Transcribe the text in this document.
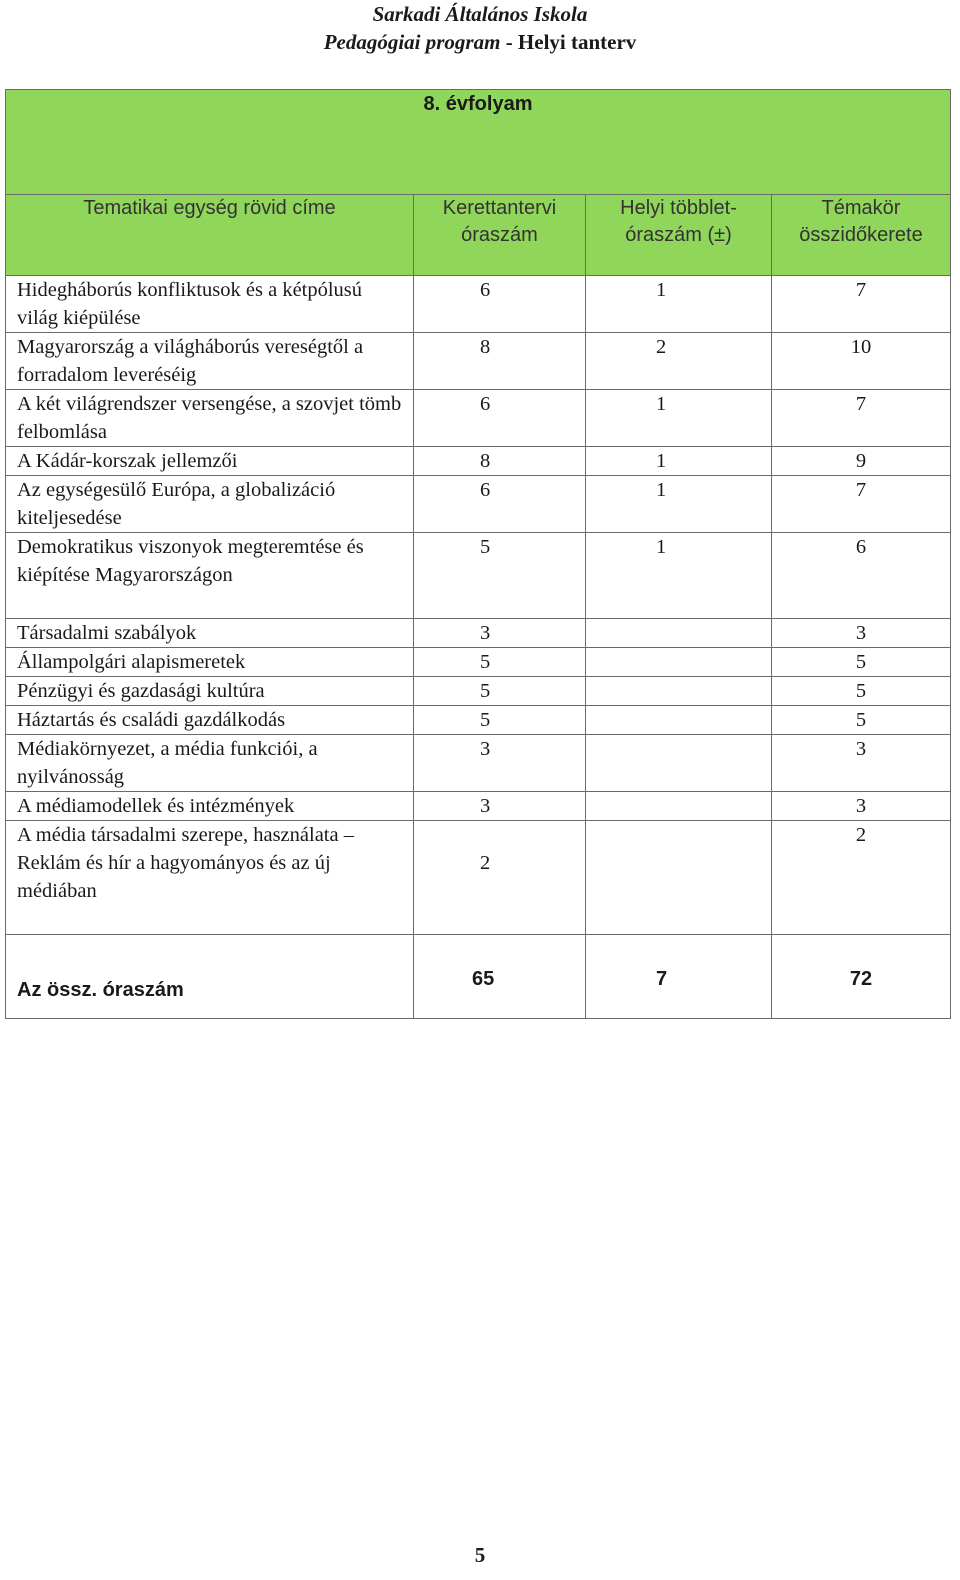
Sarkadi Általános Iskola
Pedagógiai program - Helyi tanterv
8. évfolyam			
Tematikai egység rövid címe	Kerettantervi óraszám	Helyi többlet-óraszám (±)	Témakör összidőkerete
Hidegháborús konfliktusok és a kétpólusú világ kiépülése	6	1	7
Magyarország a világháborús vereségtől a forradalom leveréséig	8	2	10
A két világrendszer versengése, a szovjet tömb felbomlása	6	1	7
A Kádár-korszak jellemzői	8	1	9
Az egységesülő Európa, a globalizáció kiteljesedése	6	1	7
Demokratikus viszonyok megteremtése és kiépítése Magyarországon	5	1	6
Társadalmi szabályok	3		3
Állampolgári alapismeretek	5		5
Pénzügyi és gazdasági kultúra	5		5
Háztartás és családi gazdálkodás	5		5
Médiakörnyezet, a média funkciói, a nyilvánosság	3		3
A médiamodellek és intézmények	3		3

A média társadalmi szerepe, használata –
Reklám és hír a hagyományos és az új médiában	2		2
Az össz. óraszám	65	7	72
5
